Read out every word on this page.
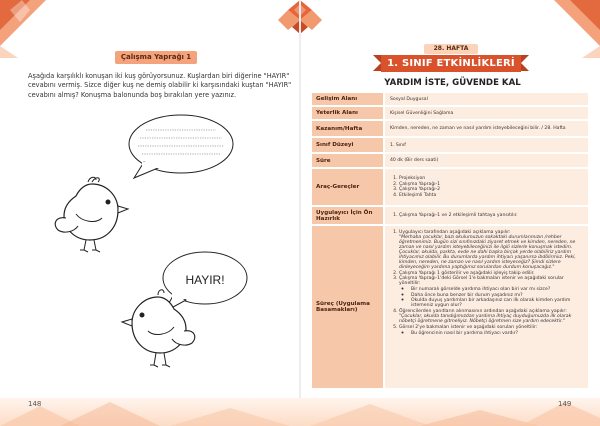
Çalışma Yaprağı 1

Aşağıda karşılıklı konuşan iki kuş görüyorsunuz. Kuşlardan biri diğerine "HAYIR" cevabını vermiş. Sizce diğer kuş ne demiş olabilir ki karşısındaki kuştan "HAYIR" cevabını almış? Konuşma balonunda boş bırakılan yere yazınız.

HAYIR!
148
28. HAFTA
1. SINIF ETKİNLİKLERİ
YARDIM İSTE, GÜVENDE KAL
Gelişim Alanı	Sosyal Duygusal
Yeterlik Alanı	Kişisel Güvenliğini Sağlama
Kazanım/Hafta	Kimden, nereden, ne zaman ve nasıl yardım isteyebileceğini bilir. / 28. Hafta
Sınıf Düzeyi	1. Sınıf
Süre	40 dk (Bir ders saati)
Araç-Gereçler
1. Projeksiyon
2. Çalışma Yaprağı-1
3. Çalışma Yaprağı-2
4. Etkileşimli Tahta
Uygulayıcı İçin Ön Hazırlık
1.	Çalışma Yaprağı-1 ve 2 etkileşimli tahtaya yansıtılır.
Süreç (Uygulama Basamakları)
1. Uygulayıcı tarafından aşağıdaki açıklama yapılır:

"Merhaba çocuklar, bazı okulumuzun sokaktaki durumlarımızın /rehber öğretmenimiz. Bugün sizi sınıfınızdaki ziyaret etmek ve kimden, nereden, ne zaman ve nasıl yardım isteyebileceğinizi ile ilgili sizlerle konuşmak istedim. Çocuklar, okulda, parkta, evde ne dahi başka birçok yerde olabiliriz yardım ihtiyacımız olabilir. Bu durumlarda yardım ihtiyacı yaşanırsa ibdölirmiız. Peki, kimden, nereden, ne zaman ve nasıl yardım isteyeceğiz? Şimdi sizlere dinleyeceğim yardıma yaptığımız sorulardan durdum konuşacağız."

2. Çalışma Yaprağı 1 gösterilir ve aşağıdaki işleyiş takip edilir.
3. Çalışma Yaprağı-1'deki Görsel 1'e bakmaları istenir ve aşağıdaki sorular yöneltilir:
◦ Bir numaralı görselde yardıma ihtiyacı olan biri var mı sizce?
◦ Daha önce buna benzer bir durum yaşadınız mı?
◦ Okulda duyuş yardımları bir arkadaşınız can ilk olarak kimden yardım istemeniz uygun olur?
4. Öğrencilerden yanıtların alınmasının ardından aşağıdaki açıklama yapılır:

"Çocuklar, okulda tanıdığımızdan yardıma ihtiyaç duyduğumuzda ilk olarak nöbetçi öğretmene gitmeliyiz. Nöbetçi öğretmen size yardım edecektir."

5. Görsel 2'ye bakmaları istenir ve aşağıdaki soruları yöneltilir:
◦ Bu öğrencinin nasıl bir yardıma ihtiyacı vardır?
149
